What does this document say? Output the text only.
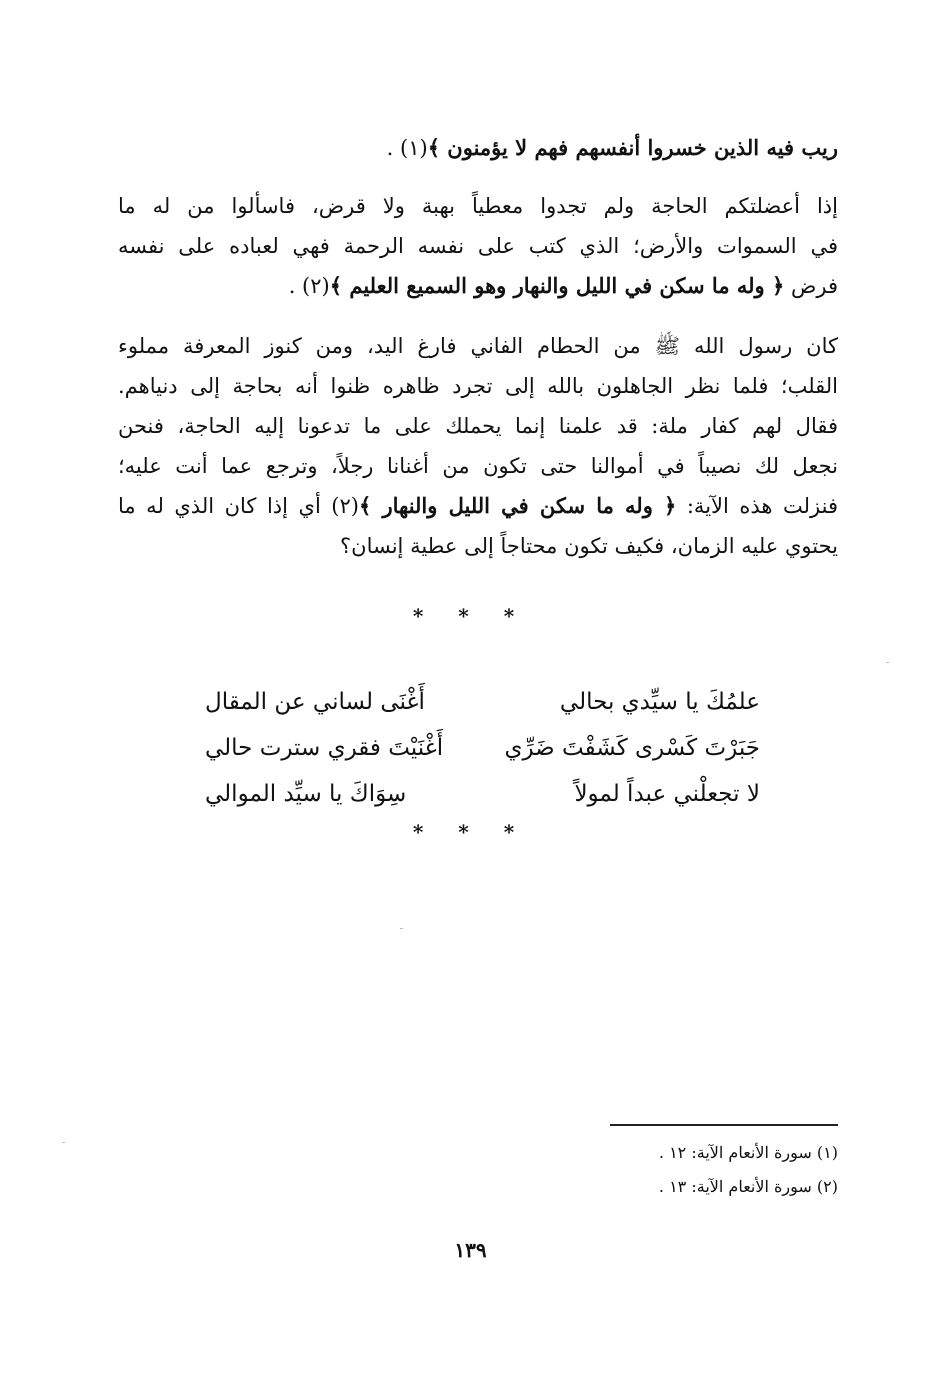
ريب فيه الذين خسروا أنفسهم فهم لا يؤمنون ﴾(١) .
إذا أعضلتكم الحاجة ولم تجدوا معطياً بهبة ولا قرض، فاسألوا من له ما
في السموات والأرض؛ الذي كتب على نفسه الرحمة فهي لعباده على نفسه
فرض ﴿ وله ما سكن في الليل والنهار وهو السميع العليم ﴾(٢) .
كان رسول الله ﷺ من الحطام الفاني فارغ اليد، ومن كنوز المعرفة مملوء
القلب؛ فلما نظر الجاهلون بالله إلى تجرد ظاهره ظنوا أنه بحاجة إلى دنياهم.
فقال لهم كفار ملة: قد علمنا إنما يحملك على ما تدعونا إليه الحاجة، فنحن
نجعل لك نصيباً في أموالنا حتى تكون من أغنانا رجلاً، وترجع عما أنت عليه؛
فنزلت هذه الآية: ﴿ وله ما سكن في الليل والنهار ﴾(٢) أي إذا كان الذي له ما
يحتوي عليه الزمان، فكيف تكون محتاجاً إلى عطية إنسان؟
* * *
علمُكَ يا سيِّدي بحالي
أَغْنَى لساني عن المقال
جَبَرْتَ كَسْرى كَشَفْتَ ضَرِّي
أَغْنَيْتَ فقري سترت حالي
لا تجعلْني عبداً لمولاً
سِوَاكَ يا سيِّد الموالي
* * *
(١) سورة الأنعام الآية: ١٢ .
(٢) سورة الأنعام الآية: ١٣ .
١٣٩
